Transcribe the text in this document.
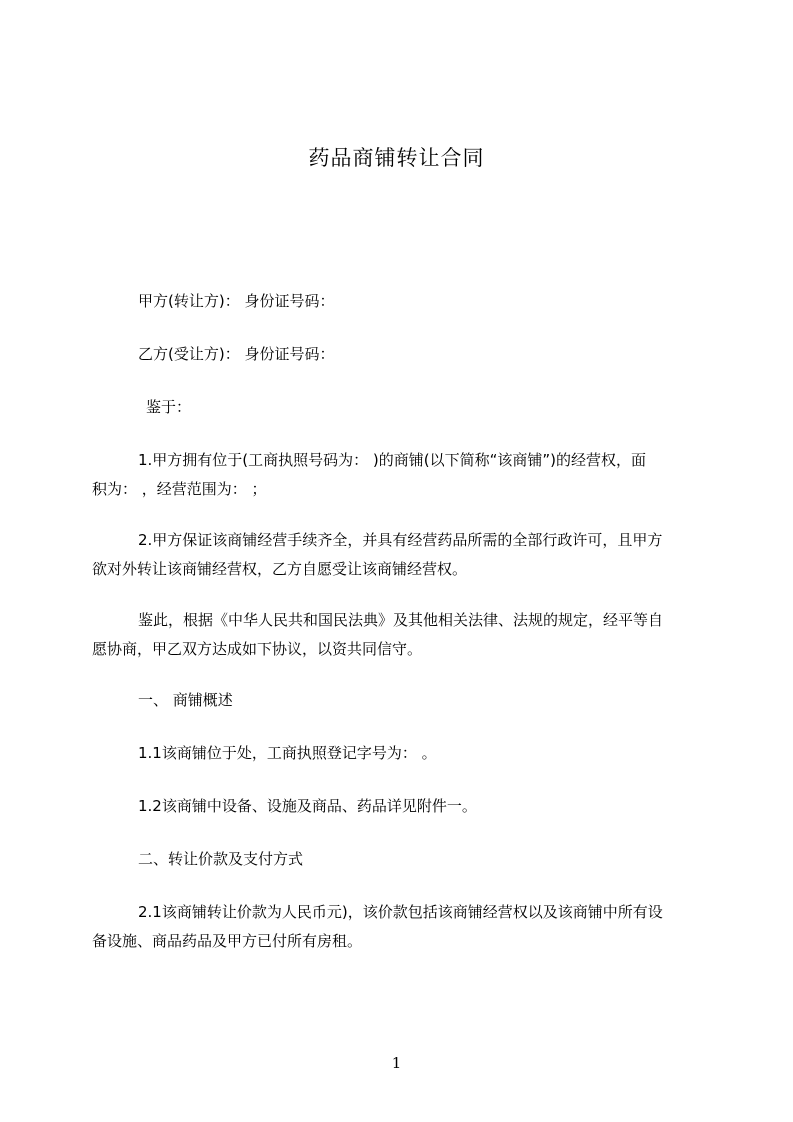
药品商铺转让合同
甲方(转让方)： 身份证号码：
乙方(受让方)： 身份证号码：
鉴于：
1.甲方拥有位于(工商执照号码为： )的商铺(以下简称“该商铺”)的经营权，面
积为： ，经营范围为： ；
2.甲方保证该商铺经营手续齐全，并具有经营药品所需的全部行政许可，且甲方
欲对外转让该商铺经营权，乙方自愿受让该商铺经营权。
鉴此，根据《中华人民共和国民法典》及其他相关法律、法规的规定，经平等自
愿协商，甲乙双方达成如下协议，以资共同信守。
一、 商铺概述
1.1该商铺位于处，工商执照登记字号为： 。
1.2该商铺中设备、设施及商品、药品详见附件一。
二、转让价款及支付方式
2.1该商铺转让价款为人民币元)，该价款包括该商铺经营权以及该商铺中所有设
备设施、商品药品及甲方已付所有房租。
1
